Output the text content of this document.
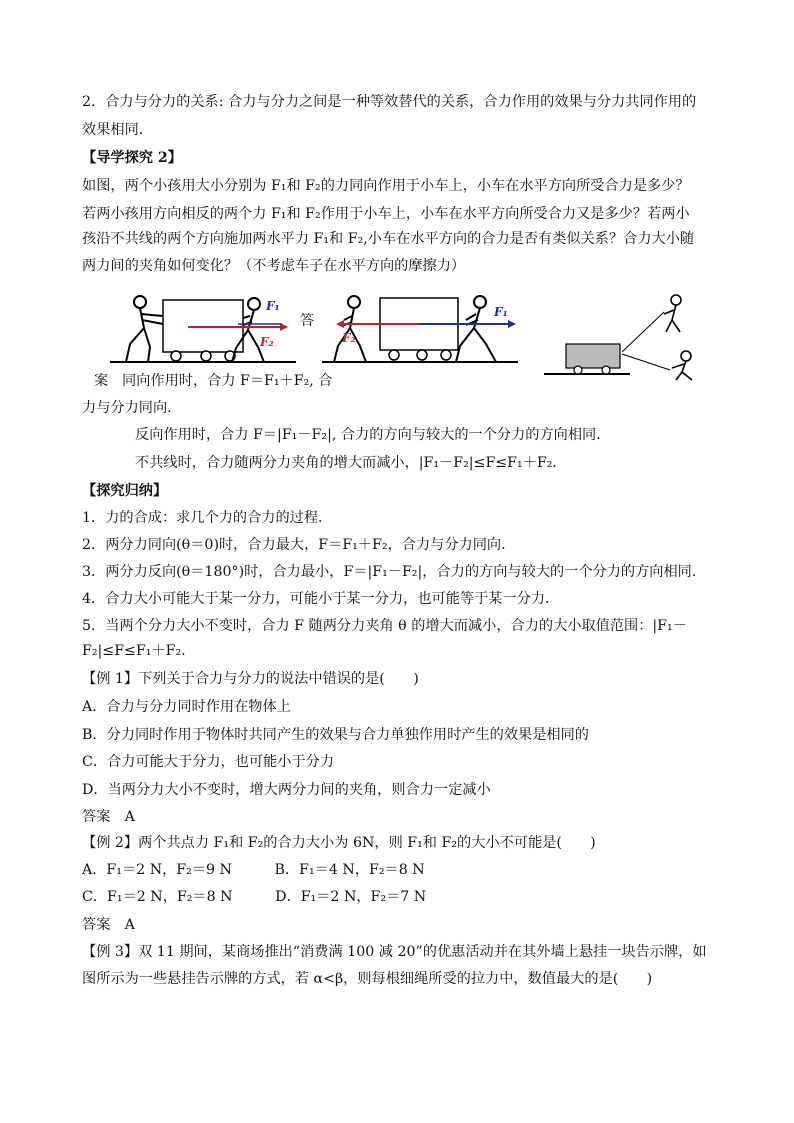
2．合力与分力的关系: 合力与分力之间是一种等效替代的关系，合力作用的效果与分力共同作用的
效果相同．
【导学探究 2】
如图，两个小孩用大小分别为 F₁和 F₂的力同向作用于小车上，小车在水平方向所受合力是多少？
若两小孩用方向相反的两个力 F₁和 F₂作用于小车上，小车在水平方向所受合力又是多少？若两小
孩沿不共线的两个方向施加两水平力 F₁和 F₂,小车在水平方向的合力是否有类似关系？合力大小随
两力间的夹角如何变化？（不考虑车子在水平方向的摩擦力）
F₁
F₂
答
F₁
F₂
案 同向作用时，合力 F＝F₁＋F₂, 合
力与分力同向．
反向作用时，合力 F＝|F₁－F₂|, 合力的方向与较大的一个分力的方向相同．
不共线时，合力随两分力夹角的增大而减小，|F₁－F₂|≤F≤F₁＋F₂．
【探究归纳】
1．力的合成：求几个力的合力的过程．
2．两分力同向(θ＝0)时，合力最大，F＝F₁＋F₂，合力与分力同向．
3．两分力反向(θ＝180°)时，合力最小，F＝|F₁－F₂|，合力的方向与较大的一个分力的方向相同．
4．合力大小可能大于某一分力，可能小于某一分力，也可能等于某一分力．
5．当两个分力大小不变时，合力 F 随两分力夹角 θ 的增大而减小，合力的大小取值范围：|F₁－
F₂|≤F≤F₁＋F₂.
【例 1】下列关于合力与分力的说法中错误的是(　　)
A．合力与分力同时作用在物体上
B．分力同时作用于物体时共同产生的效果与合力单独作用时产生的效果是相同的
C．合力可能大于分力，也可能小于分力
D．当两分力大小不变时，增大两分力间的夹角，则合力一定减小
答案　A
【例 2】两个共点力 F₁和 F₂的合力大小为 6N，则 F₁和 F₂的大小不可能是(　　)
A．F₁＝2 N，F₂＝9 N　　　B．F₁＝4 N，F₂＝8 N
C．F₁＝2 N，F₂＝8 N　　　D．F₁＝2 N，F₂＝7 N
答案　A
【例 3】双 11 期间，某商场推出“消费满 100 减 20”的优惠活动并在其外墙上悬挂一块告示牌，如
图所示为一些悬挂告示牌的方式，若 α<β，则每根细绳所受的拉力中，数值最大的是(　　)
